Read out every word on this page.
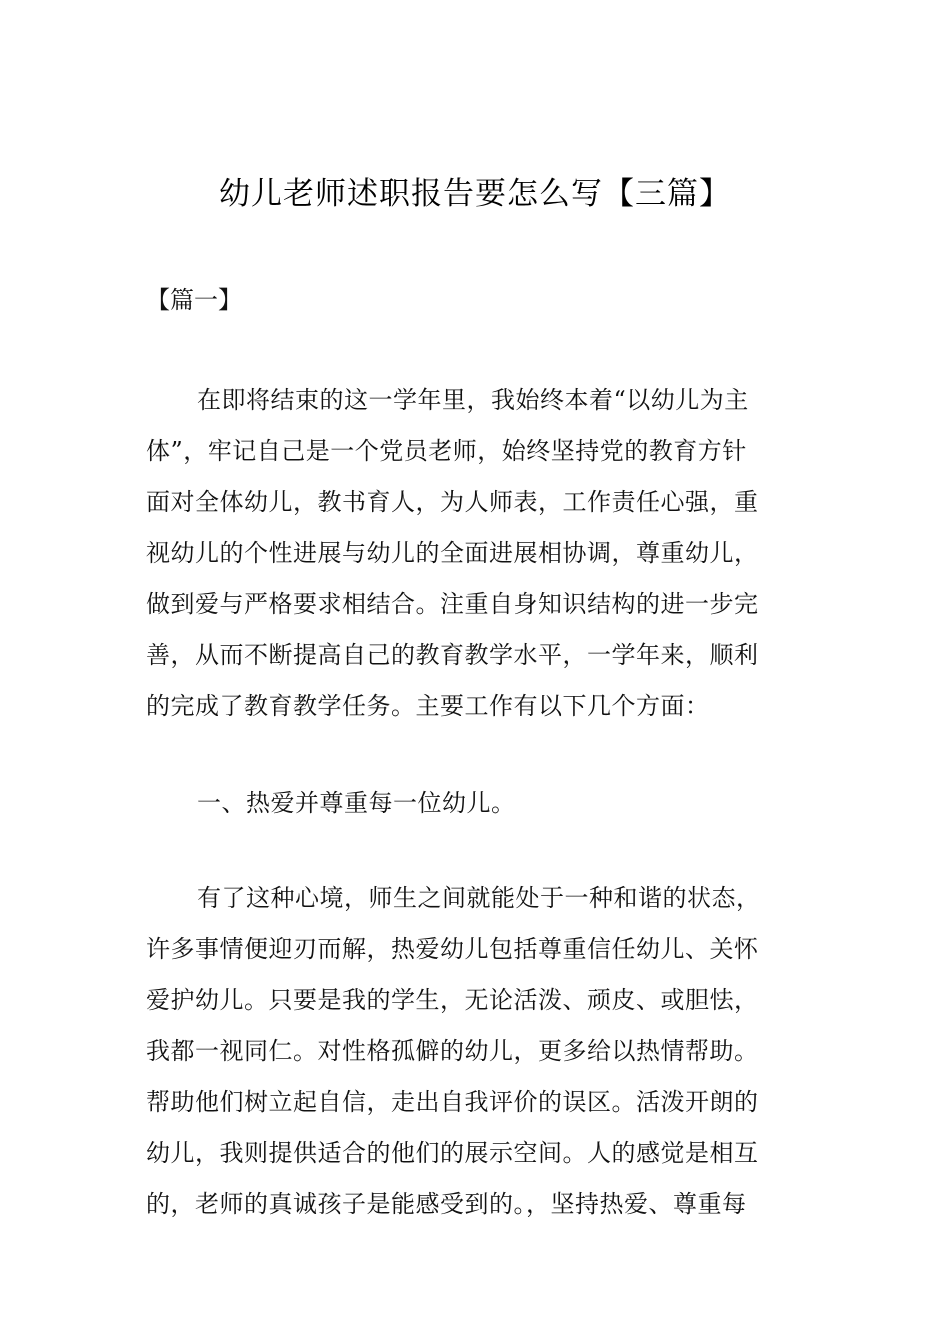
幼儿老师述职报告要怎么写【三篇】

【篇一】

在即将结束的这一学年里，我始终本着“以幼儿为主
体”，牢记自己是一个党员老师，始终坚持党的教育方针
面对全体幼儿，教书育人，为人师表，工作责任心强，重
视幼儿的个性进展与幼儿的全面进展相协调，尊重幼儿，
做到爱与严格要求相结合。注重自身知识结构的进一步完
善，从而不断提高自己的教育教学水平，一学年来，顺利
的完成了教育教学任务。主要工作有以下几个方面：
一、热爱并尊重每一位幼儿。
有了这种心境，师生之间就能处于一种和谐的状态，
许多事情便迎刃而解，热爱幼儿包括尊重信任幼儿、关怀
爱护幼儿。只要是我的学生，无论活泼、顽皮、或胆怯，
我都一视同仁。对性格孤僻的幼儿，更多给以热情帮助。
帮助他们树立起自信，走出自我评价的误区。活泼开朗的
幼儿，我则提供适合的他们的展示空间。人的感觉是相互
的，老师的真诚孩子是能感受到的。，坚持热爱、尊重每
